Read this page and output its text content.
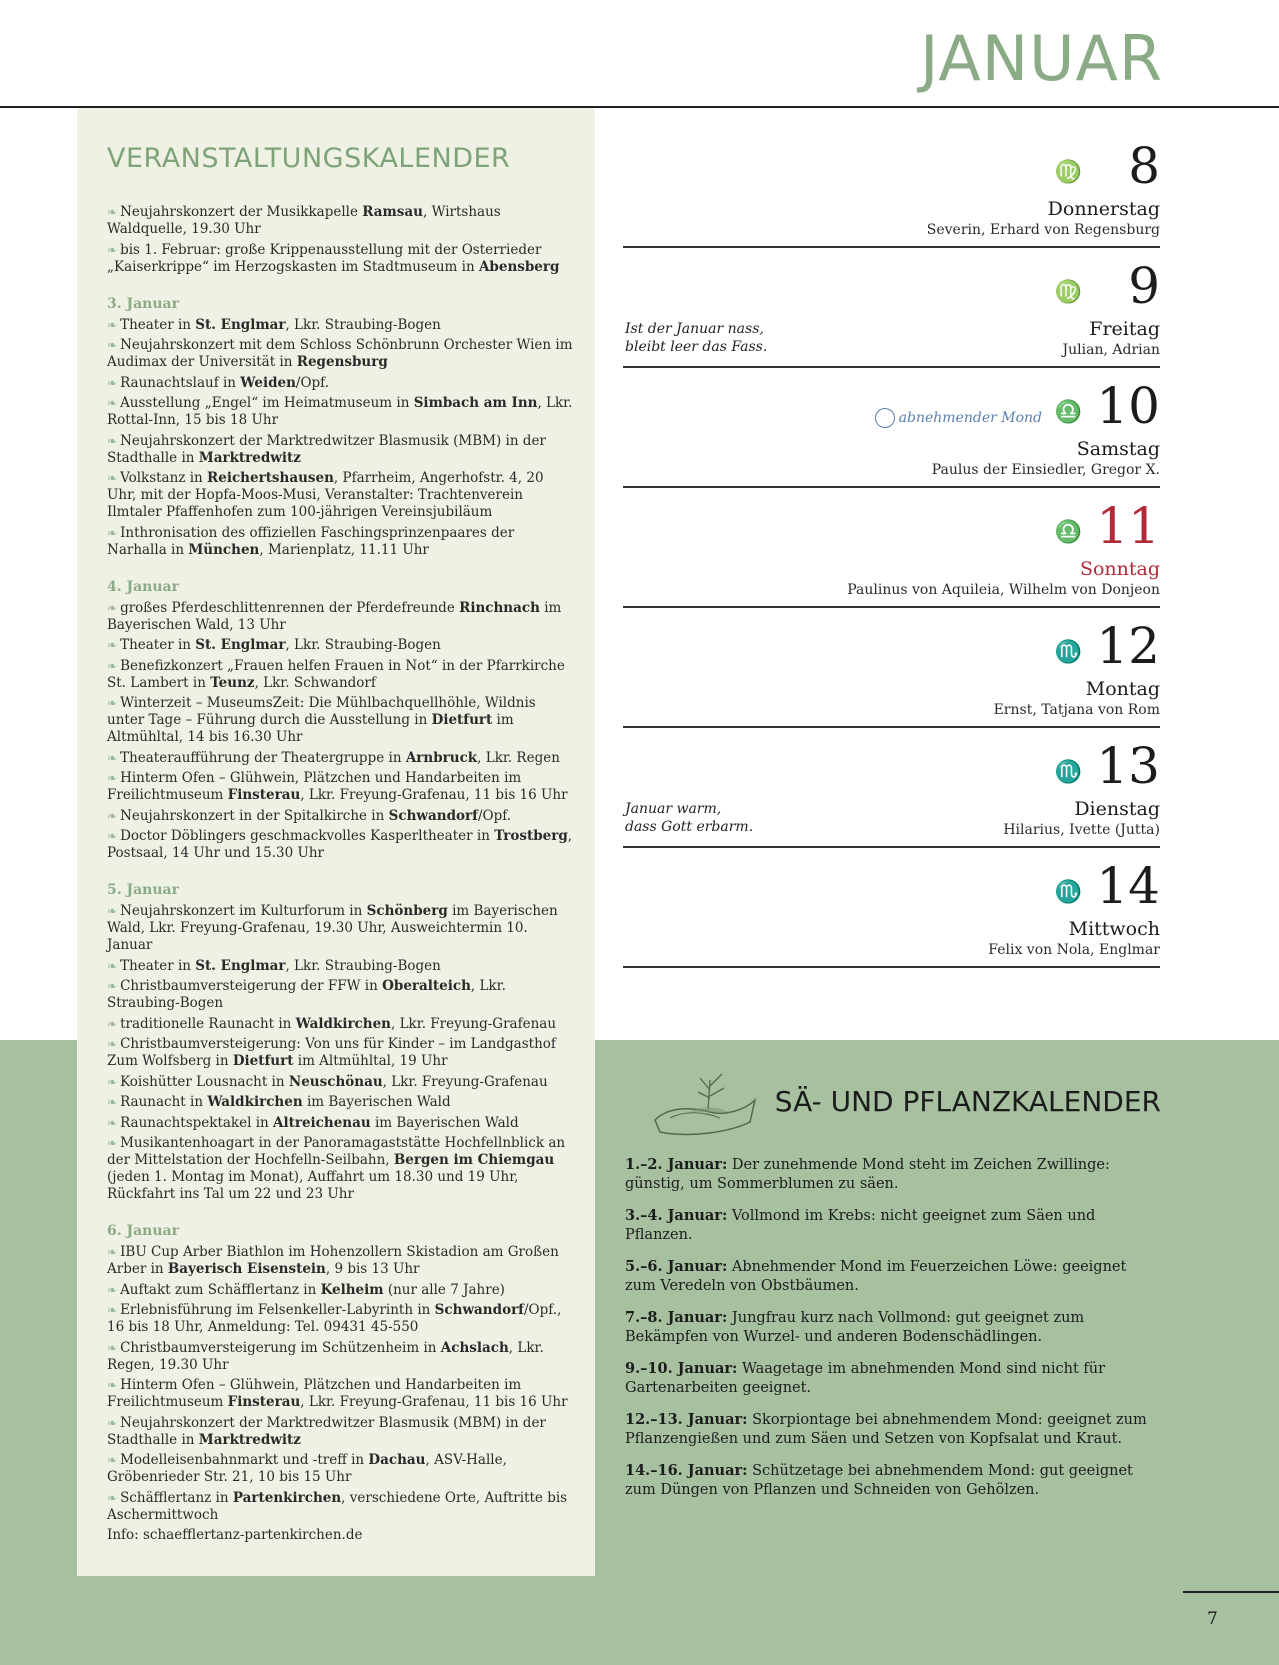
JANUAR
VERANSTALTUNGSKALENDER
❧ Neujahrskonzert der Musikkapelle Ramsau, Wirtshaus Waldquelle, 19.30 Uhr
❧ bis 1. Februar: große Krippenausstellung mit der Osterrieder „Kaiserkrippe“ im Herzogskasten im Stadtmuseum in Abensberg
3. Januar
❧ Theater in St. Englmar, Lkr. Straubing-Bogen
❧ Neujahrskonzert mit dem Schloss Schönbrunn Orchester Wien im Audimax der Universität in Regensburg
❧ Raunachtslauf in Weiden/Opf.
❧ Ausstellung „Engel“ im Heimatmuseum in Simbach am Inn, Lkr. Rottal-Inn, 15 bis 18 Uhr
❧ Neujahrskonzert der Marktredwitzer Blasmusik (MBM) in der Stadthalle in Marktredwitz
❧ Volkstanz in Reichertshausen, Pfarrheim, Angerhofstr. 4, 20 Uhr, mit der Hopfa-Moos-Musi, Veranstalter: Trachtenverein Ilmtaler Pfaffenhofen zum 100-jährigen Vereinsjubiläum
❧ Inthronisation des offiziellen Faschingsprinzenpaares der Narhalla in München, Marienplatz, 11.11 Uhr
4. Januar
❧ großes Pferdeschlittenrennen der Pferdefreunde Rinchnach im Bayerischen Wald, 13 Uhr
❧ Theater in St. Englmar, Lkr. Straubing-Bogen
❧ Benefizkonzert „Frauen helfen Frauen in Not“ in der Pfarrkirche St. Lambert in Teunz, Lkr. Schwandorf
❧ Winterzeit – MuseumsZeit: Die Mühlbachquellhöhle, Wildnis unter Tage – Führung durch die Ausstellung in Dietfurt im Altmühltal, 14 bis 16.30 Uhr
❧ Theateraufführung der Theatergruppe in Arnbruck, Lkr. Regen
❧ Hinterm Ofen – Glühwein, Plätzchen und Handarbeiten im Freilichtmuseum Finsterau, Lkr. Freyung-Grafenau, 11 bis 16 Uhr
❧ Neujahrskonzert in der Spitalkirche in Schwandorf/Opf.
❧ Doctor Döblingers geschmackvolles Kasperltheater in Trostberg, Postsaal, 14 Uhr und 15.30 Uhr
5. Januar
❧ Neujahrskonzert im Kulturforum in Schönberg im Bayerischen Wald, Lkr. Freyung-Grafenau, 19.30 Uhr, Ausweichtermin 10. Januar
❧ Theater in St. Englmar, Lkr. Straubing-Bogen
❧ Christbaumversteigerung der FFW in Oberalteich, Lkr. Straubing-Bogen
❧ traditionelle Raunacht in Waldkirchen, Lkr. Freyung-Grafenau
❧ Christbaumversteigerung: Von uns für Kinder – im Landgasthof Zum Wolfsberg in Dietfurt im Altmühltal, 19 Uhr
❧ Koishütter Lousnacht in Neuschönau, Lkr. Freyung-Grafenau
❧ Raunacht in Waldkirchen im Bayerischen Wald
❧ Raunachtspektakel in Altreichenau im Bayerischen Wald
❧ Musikantenhoagart in der Panoramagaststätte Hochfellnblick an der Mittelstation der Hochfelln-Seilbahn, Bergen im Chiemgau (jeden 1. Montag im Monat), Auffahrt um 18.30 und 19 Uhr, Rückfahrt ins Tal um 22 und 23 Uhr
6. Januar
❧ IBU Cup Arber Biathlon im Hohenzollern Skistadion am Großen Arber in Bayerisch Eisenstein, 9 bis 13 Uhr
❧ Auftakt zum Schäfflertanz in Kelheim (nur alle 7 Jahre)
❧ Erlebnisführung im Felsenkeller-Labyrinth in Schwandorf/Opf., 16 bis 18 Uhr, Anmeldung: Tel. 09431 45-550
❧ Christbaumversteigerung im Schützenheim in Achslach, Lkr. Regen, 19.30 Uhr
❧ Hinterm Ofen – Glühwein, Plätzchen und Handarbeiten im Freilichtmuseum Finsterau, Lkr. Freyung-Grafenau, 11 bis 16 Uhr
❧ Neujahrskonzert der Marktredwitzer Blasmusik (MBM) in der Stadthalle in Marktredwitz
❧ Modelleisenbahnmarkt und -treff in Dachau, ASV-Halle, Gröbenrieder Str. 21, 10 bis 15 Uhr
❧ Schäfflertanz in Partenkirchen, verschiedene Orte, Auftritte bis Aschermittwoch
Info: schaefflertanz-partenkirchen.de
8
♍
Donnerstag
Severin, Erhard von Regensburg
9
♍
Freitag
Julian, Adrian
Ist der Januar nass,
bleibt leer das Fass.
10
♎
Samstag
Paulus der Einsiedler, Gregor X.
abnehmender Mond
11
♎
Sonntag
Paulinus von Aquileia, Wilhelm von Donjeon
12
♏
Montag
Ernst, Tatjana von Rom
13
♏
Dienstag
Hilarius, Ivette (Jutta)
Januar warm,
dass Gott erbarm.
14
♏
Mittwoch
Felix von Nola, Englmar
SÄ- UND PFLANZKALENDER
1.–2. Januar: Der zunehmende Mond steht im Zeichen Zwillinge: günstig, um Sommerblumen zu säen.
3.–4. Januar: Vollmond im Krebs: nicht geeignet zum Säen und Pflanzen.
5.–6. Januar: Abnehmender Mond im Feuerzeichen Löwe: geeignet zum Veredeln von Obstbäumen.
7.–8. Januar: Jungfrau kurz nach Vollmond: gut geeignet zum Bekämpfen von Wurzel- und anderen Bodenschädlingen.
9.–10. Januar: Waagetage im abnehmenden Mond sind nicht für Gartenarbeiten geeignet.
12.–13. Januar: Skorpiontage bei abnehmendem Mond: geeignet zum Pflanzengießen und zum Säen und Setzen von Kopfsalat und Kraut.
14.–16. Januar: Schützetage bei abnehmendem Mond: gut geeignet zum Düngen von Pflanzen und Schneiden von Gehölzen.
7
